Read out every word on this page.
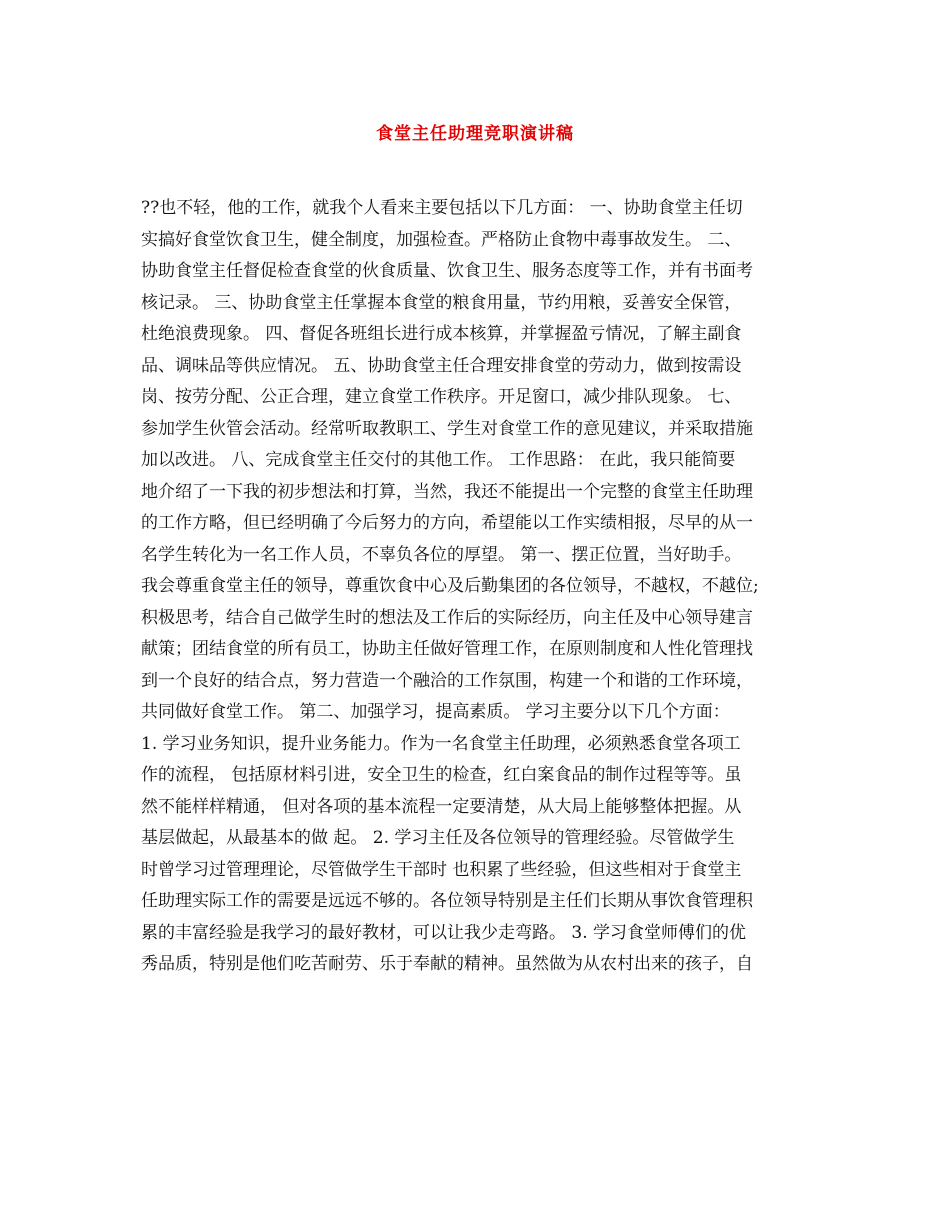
食堂主任助理竞职演讲稿
??也不轻，他的工作，就我个人看来主要包括以下几方面： 一、协助食堂主任切
实搞好食堂饮食卫生，健全制度，加强检查。严格防止食物中毒事故发生。 二、
协助食堂主任督促检查食堂的伙食质量、饮食卫生、服务态度等工作，并有书面考
核记录。 三、协助食堂主任掌握本食堂的粮食用量，节约用粮，妥善安全保管，
杜绝浪费现象。 四、督促各班组长进行成本核算，并掌握盈亏情况，了解主副食
品、调味品等供应情况。 五、协助食堂主任合理安排食堂的劳动力，做到按需设
岗、按劳分配、公正合理，建立食堂工作秩序。开足窗口，减少排队现象。 七、
参加学生伙管会活动。经常听取教职工、学生对食堂工作的意见建议，并采取措施
加以改进。 八、完成食堂主任交付的其他工作。 工作思路： 在此，我只能简要
地介绍了一下我的初步想法和打算，当然，我还不能提出一个完整的食堂主任助理
的工作方略，但已经明确了今后努力的方向，希望能以工作实绩相报，尽早的从一
名学生转化为一名工作人员，不辜负各位的厚望。 第一、摆正位置，当好助手。
我会尊重食堂主任的领导，尊重饮食中心及后勤集团的各位领导，不越权，不越位;
积极思考，结合自己做学生时的想法及工作后的实际经历，向主任及中心领导建言
献策；团结食堂的所有员工，协助主任做好管理工作，在原则制度和人性化管理找
到一个良好的结合点，努力营造一个融洽的工作氛围，构建一个和谐的工作环境，
共同做好食堂工作。 第二、加强学习，提高素质。 学习主要分以下几个方面：
1. 学习业务知识，提升业务能力。作为一名食堂主任助理，必须熟悉食堂各项工
作的流程， 包括原材料引进，安全卫生的检查，红白案食品的制作过程等等。虽
然不能样样精通， 但对各项的基本流程一定要清楚，从大局上能够整体把握。从
基层做起，从最基本的做 起。 2. 学习主任及各位领导的管理经验。尽管做学生
时曾学习过管理理论，尽管做学生干部时 也积累了些经验，但这些相对于食堂主
任助理实际工作的需要是远远不够的。各位领导特别是主任们长期从事饮食管理积
累的丰富经验是我学习的最好教材，可以让我少走弯路。 3. 学习食堂师傅们的优
秀品质，特别是他们吃苦耐劳、乐于奉献的精神。虽然做为从农村出来的孩子，自
